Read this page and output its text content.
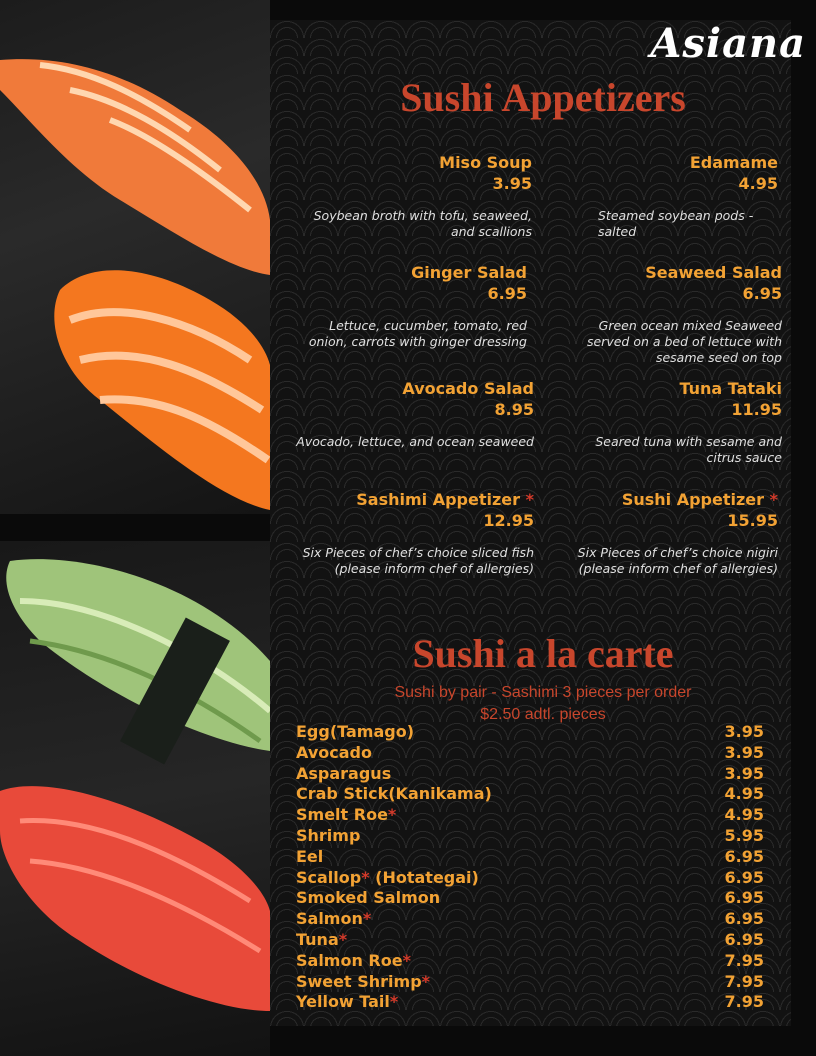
Asiana
Sushi Appetizers
Miso Soup
3.95
Soybean broth with tofu, seaweed, and scallions
Ginger Salad
6.95
Lettuce, cucumber, tomato, red onion, carrots with ginger dressing
Avocado Salad
8.95
Avocado, lettuce, and ocean seaweed
Sashimi Appetizer *
12.95
Six Pieces of chef’s choice sliced fish (please inform chef of allergies)
Edamame
4.95
Steamed soybean pods - salted
Seaweed Salad
6.95
Green ocean mixed Seaweed served on a bed of lettuce with sesame seed on top
Tuna Tataki
11.95
Seared tuna with sesame and citrus sauce
Sushi Appetizer *
15.95
Six Pieces of chef’s choice nigiri (please inform chef of allergies)
Sushi a la carte
Sushi by pair - Sashimi 3 pieces per order
$2.50 adtl. pieces
Egg(Tamago)	3.95
Avocado	3.95
Asparagus	3.95
Crab Stick(Kanikama)	4.95
Smelt Roe*	4.95
Shrimp	5.95
Eel	6.95
Scallop* (Hotategai)	6.95
Smoked Salmon	6.95
Salmon*	6.95
Tuna*	6.95
Salmon Roe*	7.95
Sweet Shrimp*	7.95
Yellow Tail*	7.95
